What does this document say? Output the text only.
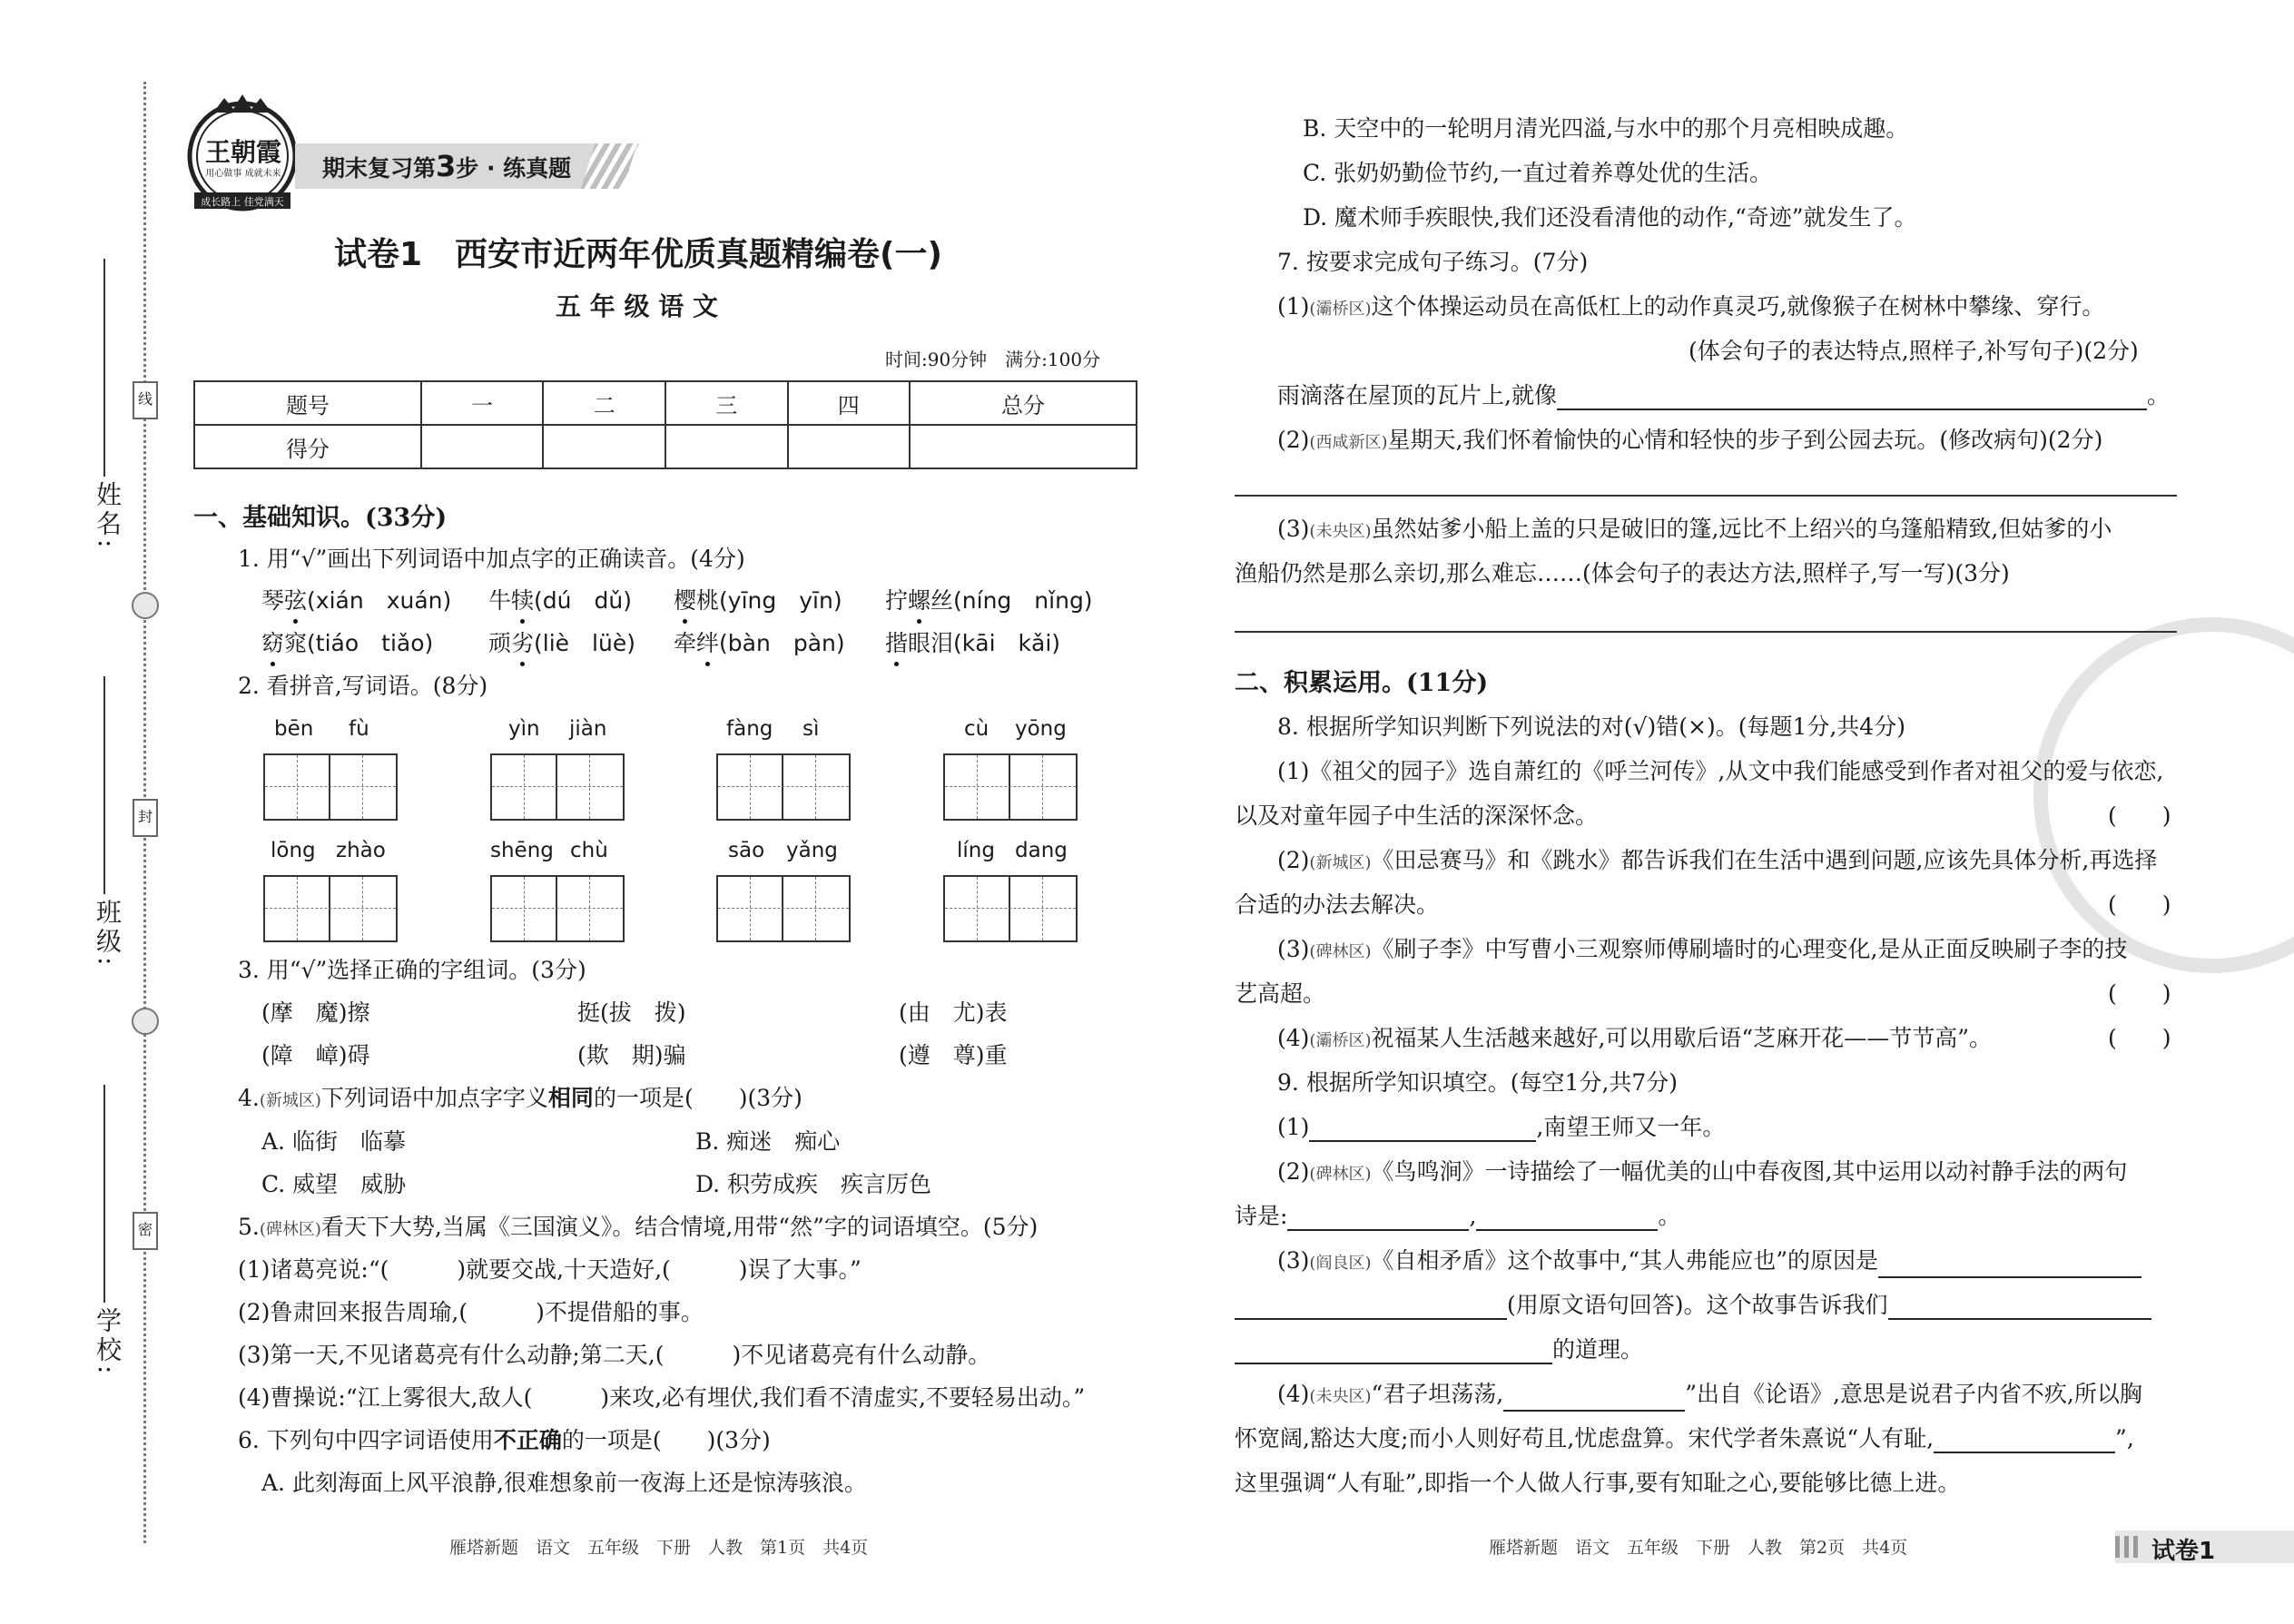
线
封
密
姓名:
班级:
学校:
王朝霞
用心做事 成就未来
成长路上 佳党满天
期末复习第3步 · 练真题
试卷1　西安市近两年优质真题精编卷(一)
五 年 级 语 文
时间:90分钟　满分:100分
题号	一	二	三	四	总分
得分					
一、基础知识。(33分)
1. 用“√”画出下列词语中加点字的正确读音。(4分)
琴弦(xián　xuán) 牛犊(dú　dǔ) 樱桃(yīng　yīn) 拧螺丝(níng　nǐng)
窈窕(tiáo　tiǎo) 顽劣(liè　lüè) 牵绊(bàn　pàn) 揩眼泪(kāi　kǎi)
2. 看拼音,写词语。(8分)
bēn fù	yìn jiàn	fàng sì	cù yōng
lōng zhào	shēng chù	sāo yǎng	líng dang
3. 用“√”选择正确的字组词。(3分)
(摩　魔)擦	挺(拔　拨)	(由　尤)表
(障　嶂)碍	(欺　期)骗	(遵　尊)重
4.(新城区)下列词语中加点字字义相同的一项是(　　)(3分)
A. 临街　临摹	B. 痴迷　痴心
C. 威望　威胁	D. 积劳成疾　疾言厉色
5.(碑林区)看天下大势,当属《三国演义》。结合情境,用带“然”字的词语填空。(5分)
(1)诸葛亮说:“(　　　)就要交战,十天造好,(　　　)误了大事。”
(2)鲁肃回来报告周瑜,(　　　)不提借船的事。
(3)第一天,不见诸葛亮有什么动静;第二天,(　　　)不见诸葛亮有什么动静。
(4)曹操说:“江上雾很大,敌人(　　　)来攻,必有埋伏,我们看不清虚实,不要轻易出动。”
6. 下列句中四字词语使用不正确的一项是(　　)(3分)
A. 此刻海面上风平浪静,很难想象前一夜海上还是惊涛骇浪。
雁塔新题　语文　五年级　下册　人教　第1页　共4页
B. 天空中的一轮明月清光四溢,与水中的那个月亮相映成趣。
C. 张奶奶勤俭节约,一直过着养尊处优的生活。
D. 魔术师手疾眼快,我们还没看清他的动作,“奇迹”就发生了。
7. 按要求完成句子练习。(7分)
(1)(灞桥区)这个体操运动员在高低杠上的动作真灵巧,就像猴子在树林中攀缘、穿行。
(体会句子的表达特点,照样子,补写句子)(2分)
雨滴落在屋顶的瓦片上,就像	。
(2)(西咸新区)星期天,我们怀着愉快的心情和轻快的步子到公园去玩。(修改病句)(2分)
(3)(未央区)虽然姑爹小船上盖的只是破旧的篷,远比不上绍兴的乌篷船精致,但姑爹的小
渔船仍然是那么亲切,那么难忘……(体会句子的表达方法,照样子,写一写)(3分)
二、积累运用。(11分)
8. 根据所学知识判断下列说法的对(√)错(×)。(每题1分,共4分)
(1)《祖父的园子》选自萧红的《呼兰河传》,从文中我们能感受到作者对祖父的爱与依恋,
以及对童年园子中生活的深深怀念。	(　　)
(2)(新城区)《田忌赛马》和《跳水》都告诉我们在生活中遇到问题,应该先具体分析,再选择
合适的办法去解决。	(　　)
(3)(碑林区)《刷子李》中写曹小三观察师傅刷墙时的心理变化,是从正面反映刷子李的技
艺高超。	(　　)
(4)(灞桥区)祝福某人生活越来越好,可以用歇后语“芝麻开花——节节高”。	(　　)
9. 根据所学知识填空。(每空1分,共7分)
(1)	,南望王师又一年。
(2)(碑林区)《鸟鸣涧》一诗描绘了一幅优美的山中春夜图,其中运用以动衬静手法的两句
诗是:	,	。
(3)(阎良区)《自相矛盾》这个故事中,“其人弗能应也”的原因是
(用原文语句回答)。这个故事告诉我们
的道理。
(4)(未央区)“君子坦荡荡,	”出自《论语》,意思是说君子内省不疚,所以胸
怀宽阔,豁达大度;而小人则好苟且,忧虑盘算。宋代学者朱熹说“人有耻,	”,
这里强调“人有耻”,即指一个人做人行事,要有知耻之心,要能够比德上进。
雁塔新题　语文　五年级　下册　人教　第2页　共4页	试卷1
